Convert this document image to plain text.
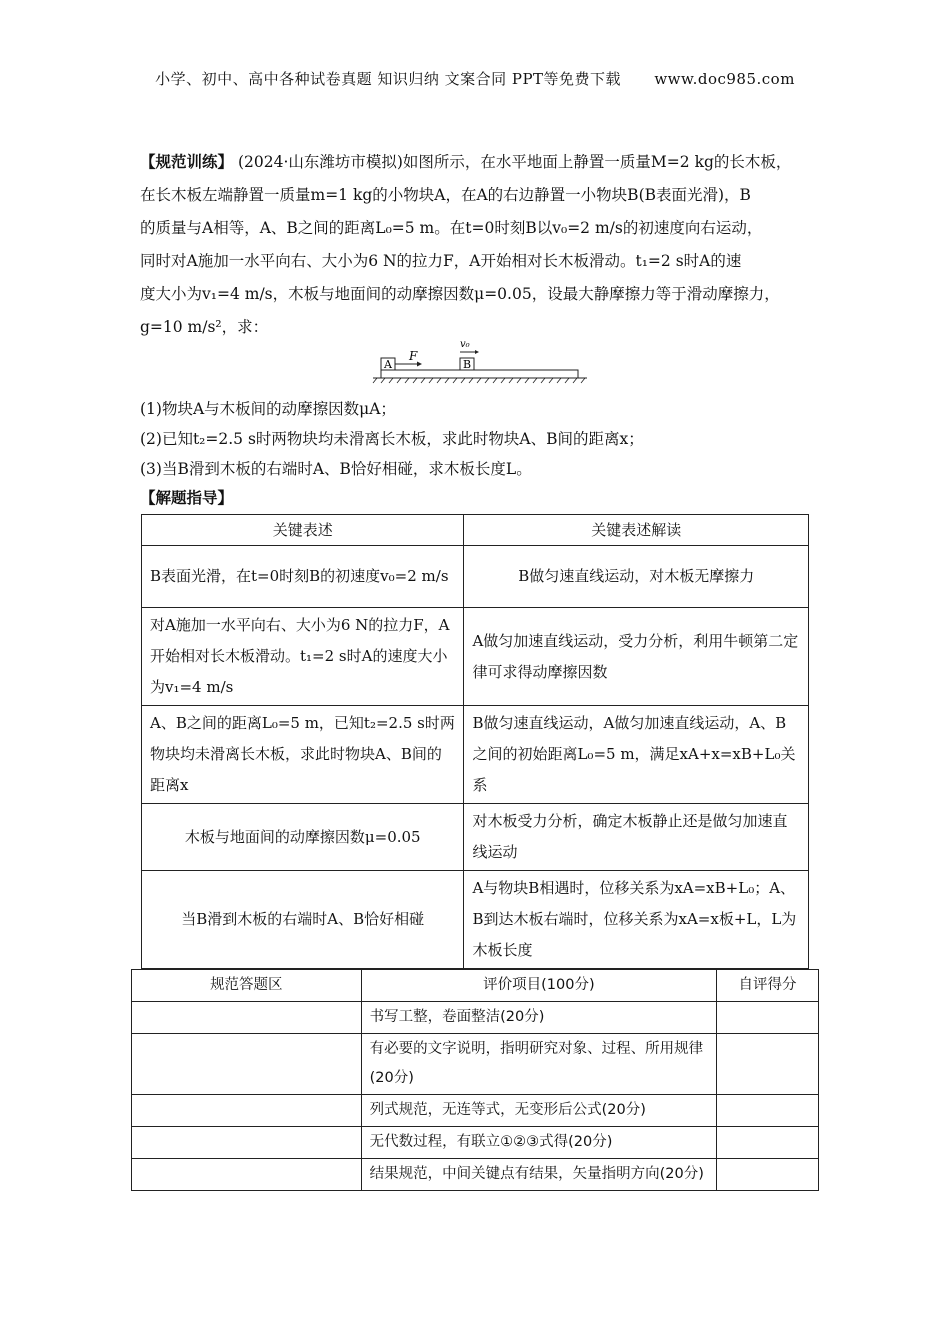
小学、初中、高中各种试卷真题 知识归纳 文案合同 PPT等免费下载 www.doc985.com
【规范训练】 (2024·山东潍坊市模拟)如图所示，在水平地面上静置一质量M=2 kg的长木板，
在长木板左端静置一质量m=1 kg的小物块A，在A的右边静置一小物块B(B表面光滑)，B
的质量与A相等，A、B之间的距离L₀=5 m。在t=0时刻B以v₀=2 m/s的初速度向右运动，
同时对A施加一水平向右、大小为6 N的拉力F，A开始相对长木板滑动。t₁=2 s时A的速
度大小为v₁=4 m/s，木板与地面间的动摩擦因数μ=0.05，设最大静摩擦力等于滑动摩擦力，
g=10 m/s²，求：
A
F
B
v₀
(1)物块A与木板间的动摩擦因数μA；
(2)已知t₂=2.5 s时两物块均未滑离长木板，求此时物块A、B间的距离x；
(3)当B滑到木板的右端时A、B恰好相碰，求木板长度L。
【解题指导】
关键表述	关键表述解读
B表面光滑，在t=0时刻B的初速度v₀=2 m/s	B做匀速直线运动，对木板无摩擦力
对A施加一水平向右、大小为6 N的拉力F，A开始相对长木板滑动。t₁=2 s时A的速度大小为v₁=4 m/s	A做匀加速直线运动，受力分析，利用牛顿第二定律可求得动摩擦因数
A、B之间的距离L₀=5 m，已知t₂=2.5 s时两物块均未滑离长木板，求此时物块A、B间的距离x	B做匀速直线运动，A做匀加速直线运动，A、B之间的初始距离L₀=5 m，满足xA+x=xB+L₀关系
木板与地面间的动摩擦因数μ=0.05	对木板受力分析，确定木板静止还是做匀加速直线运动
当B滑到木板的右端时A、B恰好相碰	A与物块B相遇时，位移关系为xA=xB+L₀；A、B到达木板右端时，位移关系为xA=x板+L，L为木板长度
规范答题区	评价项目(100分)	自评得分
	书写工整，卷面整洁(20分)	
	有必要的文字说明，指明研究对象、过程、所用规律(20分)	
	列式规范，无连等式，无变形后公式(20分)	
	无代数过程，有联立①②③式得(20分)	
	结果规范，中间关键点有结果，矢量指明方向(20分)	
